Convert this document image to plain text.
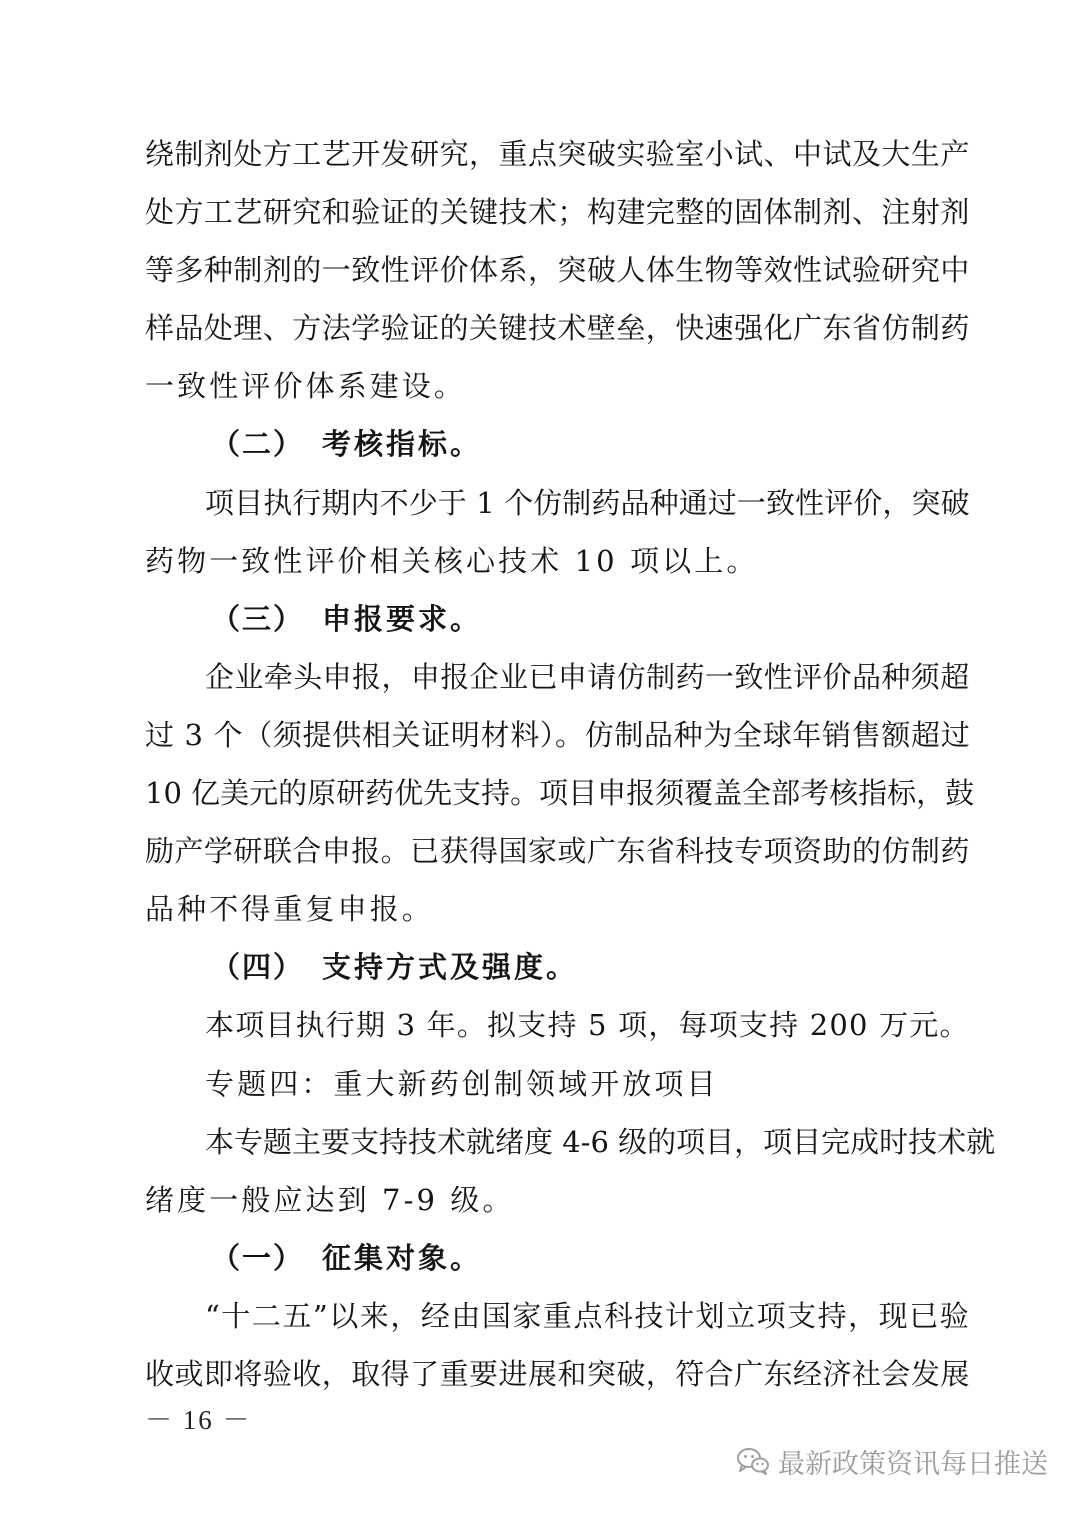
绕制剂处方工艺开发研究，重点突破实验室小试、中试及大生产
处方工艺研究和验证的关键技术；构建完整的固体制剂、注射剂
等多种制剂的一致性评价体系，突破人体生物等效性试验研究中
样品处理、方法学验证的关键技术壁垒，快速强化广东省仿制药
一致性评价体系建设。

（二） 考核指标。

项目执行期内不少于 1 个仿制药品种通过一致性评价，突破
药物一致性评价相关核心技术 10 项以上。

（三） 申报要求。

企业牵头申报，申报企业已申请仿制药一致性评价品种须超
过 3 个（须提供相关证明材料）。仿制品种为全球年销售额超过
10 亿美元的原研药优先支持。项目申报须覆盖全部考核指标，鼓
励产学研联合申报。已获得国家或广东省科技专项资助的仿制药
品种不得重复申报。

（四） 支持方式及强度。

本项目执行期 3 年。拟支持 5 项，每项支持 200 万元。

专题四：重大新药创制领域开放项目

本专题主要支持技术就绪度 4-6 级的项目，项目完成时技术就
绪度一般应达到 7-9 级。

（一） 征集对象。

“十二五”以来，经由国家重点科技计划立项支持，现已验
收或即将验收，取得了重要进展和突破，符合广东经济社会发展

－ 16 －
最新政策资讯每日推送
